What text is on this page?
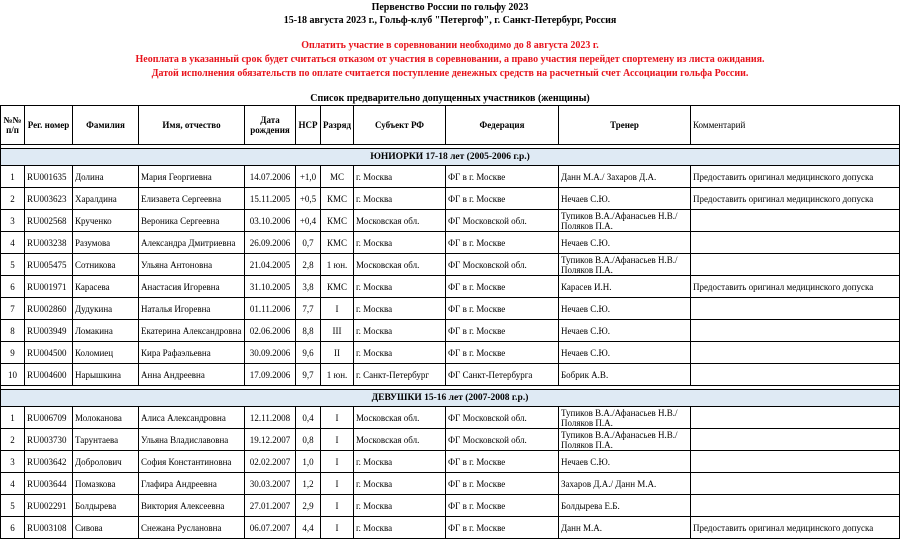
Первенство России по гольфу 2023
15-18 августа 2023 г., Гольф-клуб "Петергоф", г. Санкт-Петербург, Россия
Оплатить участие в соревновании необходимо до 8 августа 2023 г.
Неоплата в указанный срок будет считаться отказом от участия в соревновании, а право участия перейдет спортемену из листа ожидания.
Датой исполнения обязательств по оплате считается поступление денежных средств на расчетный счет Ассоциации гольфа России.
Список предварительно допущенных участников (женщины)
№№ п/п	Рег. номер	Фамилия	Имя, отчество	Дата рождения	HCP	Разряд	Субъект РФ	Федерация	Тренер	Комментарий

ЮНИОРКИ 17-18 лет (2005-2006 г.р.)										
1	RU001635	Долина	Мария Георгиевна	14.07.2006	+1,0	МС	г. Москва	ФГ в г. Москве	Данн М.А./ Захаров Д.А.	Предоставить оригинал медицинского допуска
2	RU003623	Харалдина	Елизавета Сергеевна	15.11.2005	+0,5	КМС	г. Москва	ФГ в г. Москве	Нечаев С.Ю.	Предоставить оригинал медицинского допуска
3	RU002568	Крученко	Вероника Сергеевна	03.10.2006	+0,4	КМС	Московская обл.	ФГ Московской обл.	Тупиков В.А./Афанасьев Н.В./ Поляков П.А.	
4	RU003238	Разумова	Александра Дмитриевна	26.09.2006	0,7	КМС	г. Москва	ФГ в г. Москве	Нечаев С.Ю.	
5	RU005475	Сотникова	Ульяна Антоновна	21.04.2005	2,8	1 юн.	Московская обл.	ФГ Московской обл.	Тупиков В.А./Афанасьев Н.В./ Поляков П.А.	
6	RU001971	Карасева	Анастасия Игоревна	31.10.2005	3,8	КМС	г. Москва	ФГ в г. Москве	Карасев И.Н.	Предоставить оригинал медицинского допуска
7	RU002860	Дудукина	Наталья Игоревна	01.11.2006	7,7	I	г. Москва	ФГ в г. Москве	Нечаев С.Ю.	
8	RU003949	Ломакина	Екатерина Александровна	02.06.2006	8,8	III	г. Москва	ФГ в г. Москве	Нечаев С.Ю.	
9	RU004500	Коломиец	Кира Рафаэльевна	30.09.2006	9,6	II	г. Москва	ФГ в г. Москве	Нечаев С.Ю.	
10	RU004600	Нарышкина	Анна Андреевна	17.09.2006	9,7	1 юн.	г. Санкт-Петербург	ФГ Санкт-Петербурга	Бобрик А.В.	

ДЕВУШКИ 15-16 лет (2007-2008 г.р.)										
1	RU006709	Молоканова	Алиса Александровна	12.11.2008	0,4	I	Московская обл.	ФГ Московской обл.	Тупиков В.А./Афанасьев Н.В./ Поляков П.А.	
2	RU003730	Тарунтаева	Ульяна Владиславовна	19.12.2007	0,8	I	Московская обл.	ФГ Московской обл.	Тупиков В.А./Афанасьев Н.В./ Поляков П.А.	
3	RU003642	Добролович	София Константиновна	02.02.2007	1,0	I	г. Москва	ФГ в г. Москве	Нечаев С.Ю.	
4	RU003644	Помазкова	Глафира Андреевна	30.03.2007	1,2	I	г. Москва	ФГ в г. Москве	Захаров Д.А./ Данн М.А.	
5	RU002291	Болдырева	Виктория Алексеевна	27.01.2007	2,9	I	г. Москва	ФГ в г. Москве	Болдырева Е.Б.	
6	RU003108	Сивова	Снежана Руслановна	06.07.2007	4,4	I	г. Москва	ФГ в г. Москве	Данн М.А.	Предоставить оригинал медицинского допуска
